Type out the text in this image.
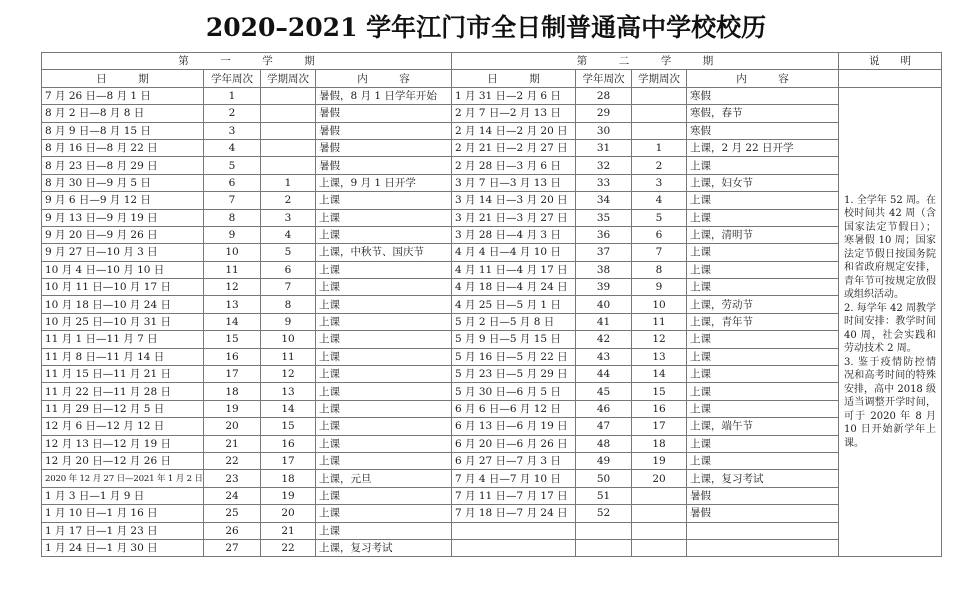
2020–2021 学年江门市全日制普通高中学校校历
第　　　一　　　学　　　期				第　　　二　　　学　　　期				说　　明
日　　　期	学年周次	学期周次	内　　　容	日　　　期	学年周次	学期周次	内　　　容	
7 月 26 日—8 月 1 日	1		暑假，8 月 1 日学年开始	1 月 31 日—2 月 6 日	28		寒假	1. 全学年 52 周。在校时间共 42 周（含国家法定节假日）；寒暑假 10 周；国家法定节假日按国务院和省政府规定安排，青年节可按规定放假或组织活动。

2. 每学年 42 周教学时间安排：教学时间 40 周，社会实践和劳动技术 2 周。

3. 鉴于疫情防控情况和高考时间的特殊安排，高中 2018 级适当调整开学时间，可于 2020 年 8 月 10 日开始新学年上课。

8 月 2 日—8 月 8 日	2		暑假	2 月 7 日—2 月 13 日	29		寒假，春节	
8 月 9 日—8 月 15 日	3		暑假	2 月 14 日—2 月 20 日	30		寒假	
8 月 16 日—8 月 22 日	4		暑假	2 月 21 日—2 月 27 日	31	1	上课，2 月 22 日开学	
8 月 23 日—8 月 29 日	5		暑假	2 月 28 日—3 月 6 日	32	2	上课	
8 月 30 日—9 月 5 日	6	1	上课，9 月 1 日开学	3 月 7 日—3 月 13 日	33	3	上课，妇女节	
9 月 6 日—9 月 12 日	7	2	上课	3 月 14 日—3 月 20 日	34	4	上课	
9 月 13 日—9 月 19 日	8	3	上课	3 月 21 日—3 月 27 日	35	5	上课	
9 月 20 日—9 月 26 日	9	4	上课	3 月 28 日—4 月 3 日	36	6	上课，清明节	
9 月 27 日—10 月 3 日	10	5	上课，中秋节、国庆节	4 月 4 日—4 月 10 日	37	7	上课	
10 月 4 日—10 月 10 日	11	6	上课	4 月 11 日—4 月 17 日	38	8	上课	
10 月 11 日—10 月 17 日	12	7	上课	4 月 18 日—4 月 24 日	39	9	上课	
10 月 18 日—10 月 24 日	13	8	上课	4 月 25 日—5 月 1 日	40	10	上课，劳动节	
10 月 25 日—10 月 31 日	14	9	上课	5 月 2 日—5 月 8 日	41	11	上课，青年节	
11 月 1 日—11 月 7 日	15	10	上课	5 月 9 日—5 月 15 日	42	12	上课	
11 月 8 日—11 月 14 日	16	11	上课	5 月 16 日—5 月 22 日	43	13	上课	
11 月 15 日—11 月 21 日	17	12	上课	5 月 23 日—5 月 29 日	44	14	上课	
11 月 22 日—11 月 28 日	18	13	上课	5 月 30 日—6 月 5 日	45	15	上课	
11 月 29 日—12 月 5 日	19	14	上课	6 月 6 日—6 月 12 日	46	16	上课	
12 月 6 日—12 月 12 日	20	15	上课	6 月 13 日—6 月 19 日	47	17	上课，端午节	
12 月 13 日—12 月 19 日	21	16	上课	6 月 20 日—6 月 26 日	48	18	上课	
12 月 20 日—12 月 26 日	22	17	上课	6 月 27 日—7 月 3 日	49	19	上课	
2020 年 12 月 27 日—2021 年 1 月 2 日	23	18	上课，元旦	7 月 4 日—7 月 10 日	50	20	上课，复习考试	
1 月 3 日—1 月 9 日	24	19	上课	7 月 11 日—7 月 17 日	51		暑假	
1 月 10 日—1 月 16 日	25	20	上课	7 月 18 日—7 月 24 日	52		暑假	
1 月 17 日—1 月 23 日	26	21	上课					
1 月 24 日—1 月 30 日	27	22	上课，复习考试					
